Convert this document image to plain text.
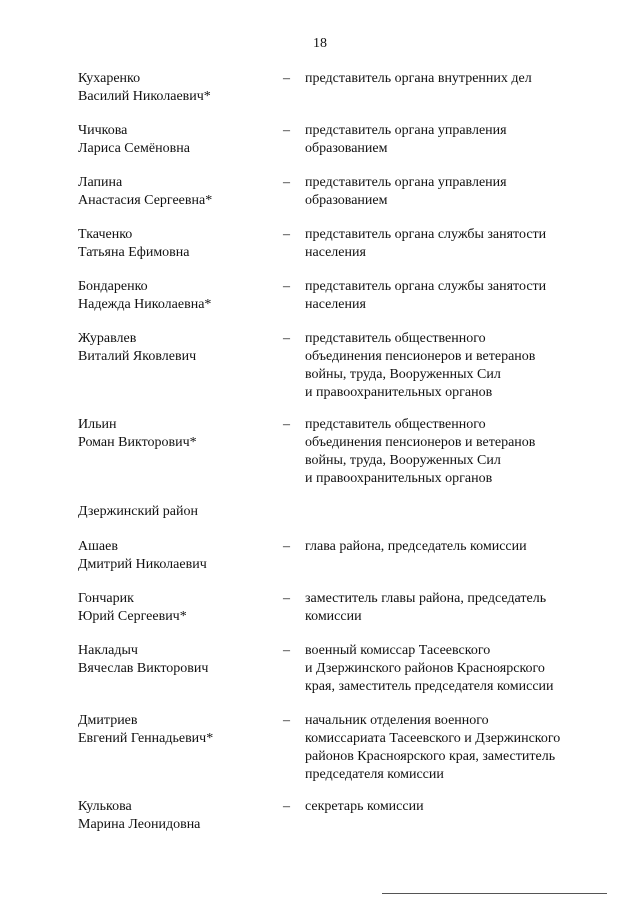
18
Кухаренко
Василий Николаевич*
– представитель органа внутренних дел
Чичкова
Лариса Семёновна
– представитель органа управления
образованием
Лапина
Анастасия Сергеевна*
– представитель органа управления
образованием
Ткаченко
Татьяна Ефимовна
– представитель органа службы занятости
населения
Бондаренко
Надежда Николаевна*
– представитель органа службы занятости
населения
Журавлев
Виталий Яковлевич
– представитель общественного
объединения пенсионеров и ветеранов
войны, труда, Вооруженных Сил
и правоохранительных органов
Ильин
Роман Викторович*
– представитель общественного
объединения пенсионеров и ветеранов
войны, труда, Вооруженных Сил
и правоохранительных органов
Дзержинский район
Ашаев
Дмитрий Николаевич
– глава района, председатель комиссии
Гончарик
Юрий Сергеевич*
– заместитель главы района, председатель
комиссии
Накладыч
Вячеслав Викторович
– военный комиссар Тасеевского
и Дзержинского районов Красноярского
края, заместитель председателя комиссии
Дмитриев
Евгений Геннадьевич*
– начальник отделения военного
комиссариата Тасеевского и Дзержинского
районов Красноярского края, заместитель
председателя комиссии
Кулькова
Марина Леонидовна
– секретарь комиссии
